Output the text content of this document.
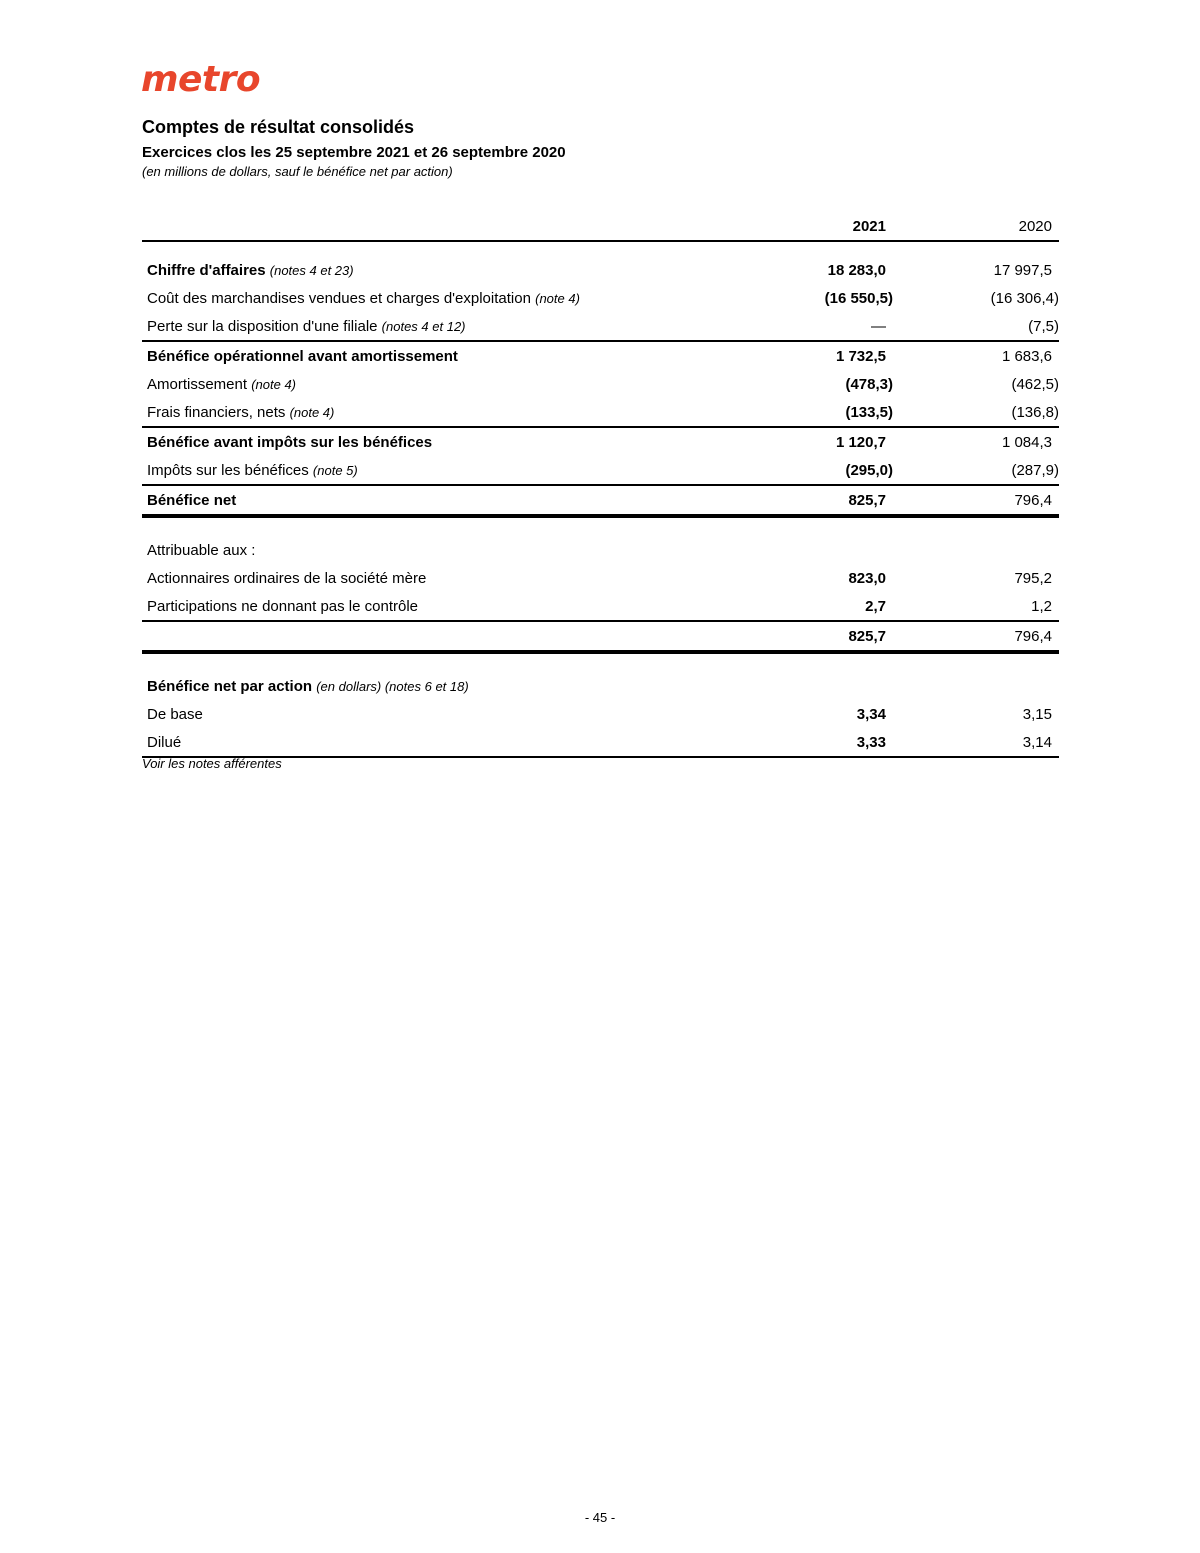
metro
Comptes de résultat consolidés
Exercices clos les 25 septembre 2021 et 26 septembre 2020
(en millions de dollars, sauf le bénéfice net par action)
2021	2020
Chiffre d'affaires (notes 4 et 23)	18 283,0	17 997,5
Coût des marchandises vendues et charges d'exploitation (note 4)	(16 550,5)	(16 306,4)
Perte sur la disposition d'une filiale (notes 4 et 12)	—	(7,5)
Bénéfice opérationnel avant amortissement	1 732,5	1 683,6
Amortissement (note 4)	(478,3)	(462,5)
Frais financiers, nets (note 4)	(133,5)	(136,8)
Bénéfice avant impôts sur les bénéfices	1 120,7	1 084,3
Impôts sur les bénéfices (note 5)	(295,0)	(287,9)
Bénéfice net	825,7	796,4
Attribuable aux :
Actionnaires ordinaires de la société mère	823,0	795,2
Participations ne donnant pas le contrôle	2,7	1,2
825,7	796,4
Bénéfice net par action (en dollars) (notes 6 et 18)
De base	3,34	3,15
Dilué	3,33	3,14
Voir les notes afférentes
- 45 -
